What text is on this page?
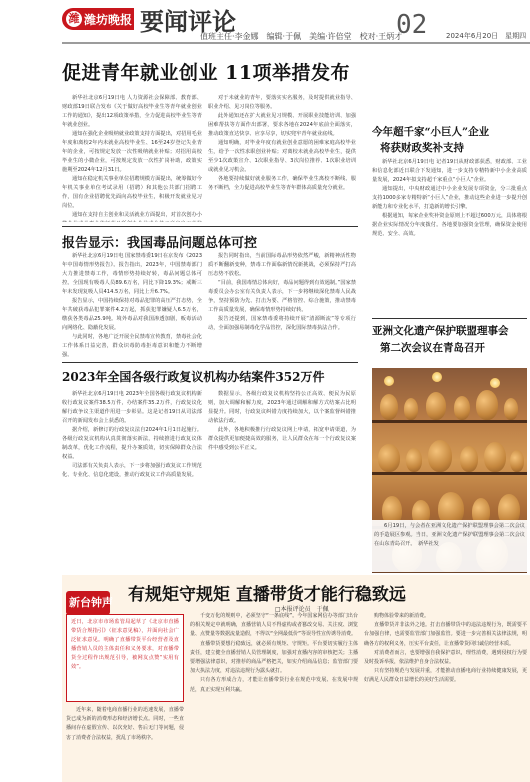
潍 潍坊晚报 要闻评论
值班主任·李金娜　编辑·于佩　美编·许倍堂　校对·王炳才
02	2024年6月20日　星期四
促进青年就业创业 11项举措发布

新华社北京6月19日电 人力资源社会保障部、教育部、财政部19日联合发布《关于做好高校毕业生等青年就业创业工作的通知》，提出12项政策举措，全力促进高校毕业生等青年就业创业。

通知在强化企业吸纳就业政策支持方面提出，对招用毛业年度和离校2年内未就业高校毕业生、16至24岁登记失业青年的企业，可按规定发放一次性吸纳就业补贴；对招用高校毕业生的小微企业，可按规定发放一次性扩岗补助，政策实施期至2024年12月31日。

通知在稳定机关事业单位招聘规模方面提出，统筹做好今年机关事业单位考试录用（招聘）和其他公共部门招聘工作，国有企业招聘优先面向高校毕业生，积极开发就业见习岗位。

通知在支持自主创业和灵活就业方面提出，对首次创办小

对于未就业的青年，要落实实名服务，及时提供就业指导、职业介绍、见习岗位等服务。

此外通知还在扩大就业见习规模、开展职业技能培训、加强困难帮扶等方面作出部署，要求各地在2024年底前全面落实，推动政策直达快享、应享尽享，切实兜牢青年就业底线。

通知明确，对毕业年度有就业创业意愿的困难家庭高校毕业生，给予一次性求职创业补贴；对离校未就业高校毕业生，提供至少1次政策宣介、1次职业指导、3次岗位推荐、1次职业培训或就业见习机会。

各地要持续做好就业服务工作，确保毕业生离校不断线、服务不断档，全力促进高校毕业生等青年群体高质量充分就业。

报告显示：我国毒品问题总体可控

新华社北京6月19日电 国家禁毒委19日在京发布《2023年中国毒情形势报告》。报告指出，2023年，中国禁毒部门大力推进禁毒工作，毒情形势持续好转，毒品问题总体可控。全国现有吸毒人员89.6万名，同比下降19.3%；戒断三年未发现复吸人员414.5万名，同比上升6.7%。

报告显示，中国持续保持对毒品犯罪的高压严打态势，全年共破获毒品犯罪案件4.2万起，抓获犯罪嫌疑人6.5万名，缴获各类毒品25.9吨。境外毒品对我国渗透加剧，贩毒活动向网络化、隐蔽化发展。

与此同时，各地广泛开展全民禁毒宣传教育，禁毒社会化工作体系日益完善，群众识毒防毒拒毒意识和能力不断增强。

报告同时指出，当前国际毒品形势依然严峻，新精神活性物质不断翻新变种，禁毒工作面临新情况新挑战，必须保持严打高压态势不放松。

“目前，我国毒情总体向好，毒品问题得到有效遏制。”国家禁毒委员会办公室有关负责人表示，下一步将继续深化禁毒人民战争，坚持预防为先、打击为要、严格管控、综合施策，推动禁毒工作高质量发展，确保毒情形势持续好转。

报告还提到，国家禁毒委将持续开展“清源断流”等专项行动，全面加强易制毒化学品管控，深化国际禁毒执法合作。

2023年全国各级行政复议机构办结案件352万件

新华社北京6月19日电 2023年全国各级行政复议机构新收行政复议案件38.5万件，办结案件35.2万件，行政复议化解行政争议主渠道作用进一步彰显。这是记者19日从司法部召开的新闻发布会上获悉的。

据介绍，新修订的行政复议法自2024年1月1日起施行。各级行政复议机构认真贯彻落实新法，持续推进行政复议体制改革，优化工作流程，提升办案质效，切实保障群众合法权益。

司法部有关负责人表示，下一步将加强行政复议工作规范化、专业化、信息化建设，推动行政复议工作高质量发展。

数据显示，各级行政复议机构坚持公正高效、便民为民原则，加大调解和解力度，2023年通过调解和解方式结案占比明显提升。同时，行政复议纠错力度持续加大，以个案监督纠错推动依法行政。

此外，各地积极推行行政复议网上申请，拓宽申请渠道，为群众提供更加便捷高效的服务，让人民群众在每一个行政复议案件中感受到公平正义。

今年超千家“小巨人”企业
将获财政奖补支持

新华社北京6月19日电 记者19日从财政部获悉，财政部、工业和信息化部近日联合下发通知，进一步支持专精特新中小企业高质量发展，2024年拟支持超千家重点“小巨人”企业。

通知提出，中央财政通过中小企业发展专项资金，分三批重点支持1000多家专精特新“小巨人”企业，推动这些企业进一步提升创新能力和专业化水平，打造新的增长引擎。

根据通知，每家企业奖补资金原则上不超过600万元，具体将根据企业实际情况分年度拨付。各地要加强资金管理，确保资金使用规范、安全、高效。

亚洲文化遗产保护联盟理事会
第二次会议在青岛召开
新台钟声 有规矩守规矩 直播带货才能行稳致远
□本报评论员　于佩
近日，北京市市场监管局起草了《北京市直播带货合规指引》（征求意见稿），并面向社会广泛征求意见。明确了直播带货平台经营者及直播营销人员的主体责任和义务要求，对直播带货全过程作出规范引导，被网友点赞“实用有效”。

近年来，随着电商直播行业的迅速发展，直播带货已成为新的消费形态和经济增长点。同时，一些直播间存在虚假宣传、以次充好、售后无门等问题，侵害了消费者合法权益，扰乱了市场秩序。

千变万化的规则中，必须坚守“一条底线”。今年国家网信办等部门出台的相关规定中就明确，直播营销人员不得虚构或者篡改交易、关注度、浏览量、点赞量等数据流量造假，不得以“全网最低价”等误导性宣传诱导消费。

直播带货要想行稳致远，就必须有规矩、守规矩。平台要切实履行主体责任，建立健全直播营销人员管理制度，加强对直播内容的审核把关；主播要增强法律意识，对推荐的商品严格把关，如实介绍商品信息；监管部门要加大执法力度，对违法违规行为露头就打。

只有各方形成合力，才能让直播带货行业在规范中发展、在发展中规范，真正实现互利共赢。

购物体验带来的新消费。

直播带货并非法外之地。打击直播带货中的违法违规行为，既需要平台加强自律，也需要监管部门加强监管。要进一步完善相关法律法规，明确各方的权利义务，压实平台责任，让直播带货回归诚信经营本质。

对消费者而言，也要增强自我保护意识，理性消费，遇到侵权行为要及时投诉举报，依法维护自身合法权益。

只有坚持规范与发展并重，才能推动直播电商行业持续健康发展，更好满足人民群众日益增长的美好生活需要。

6月19日，与会者在亚洲文化遗产保护联盟理事会第二次会议的手造展区参观。当日，亚洲文化遗产保护联盟理事会第二次会议在山东青岛召开。　新华社发
